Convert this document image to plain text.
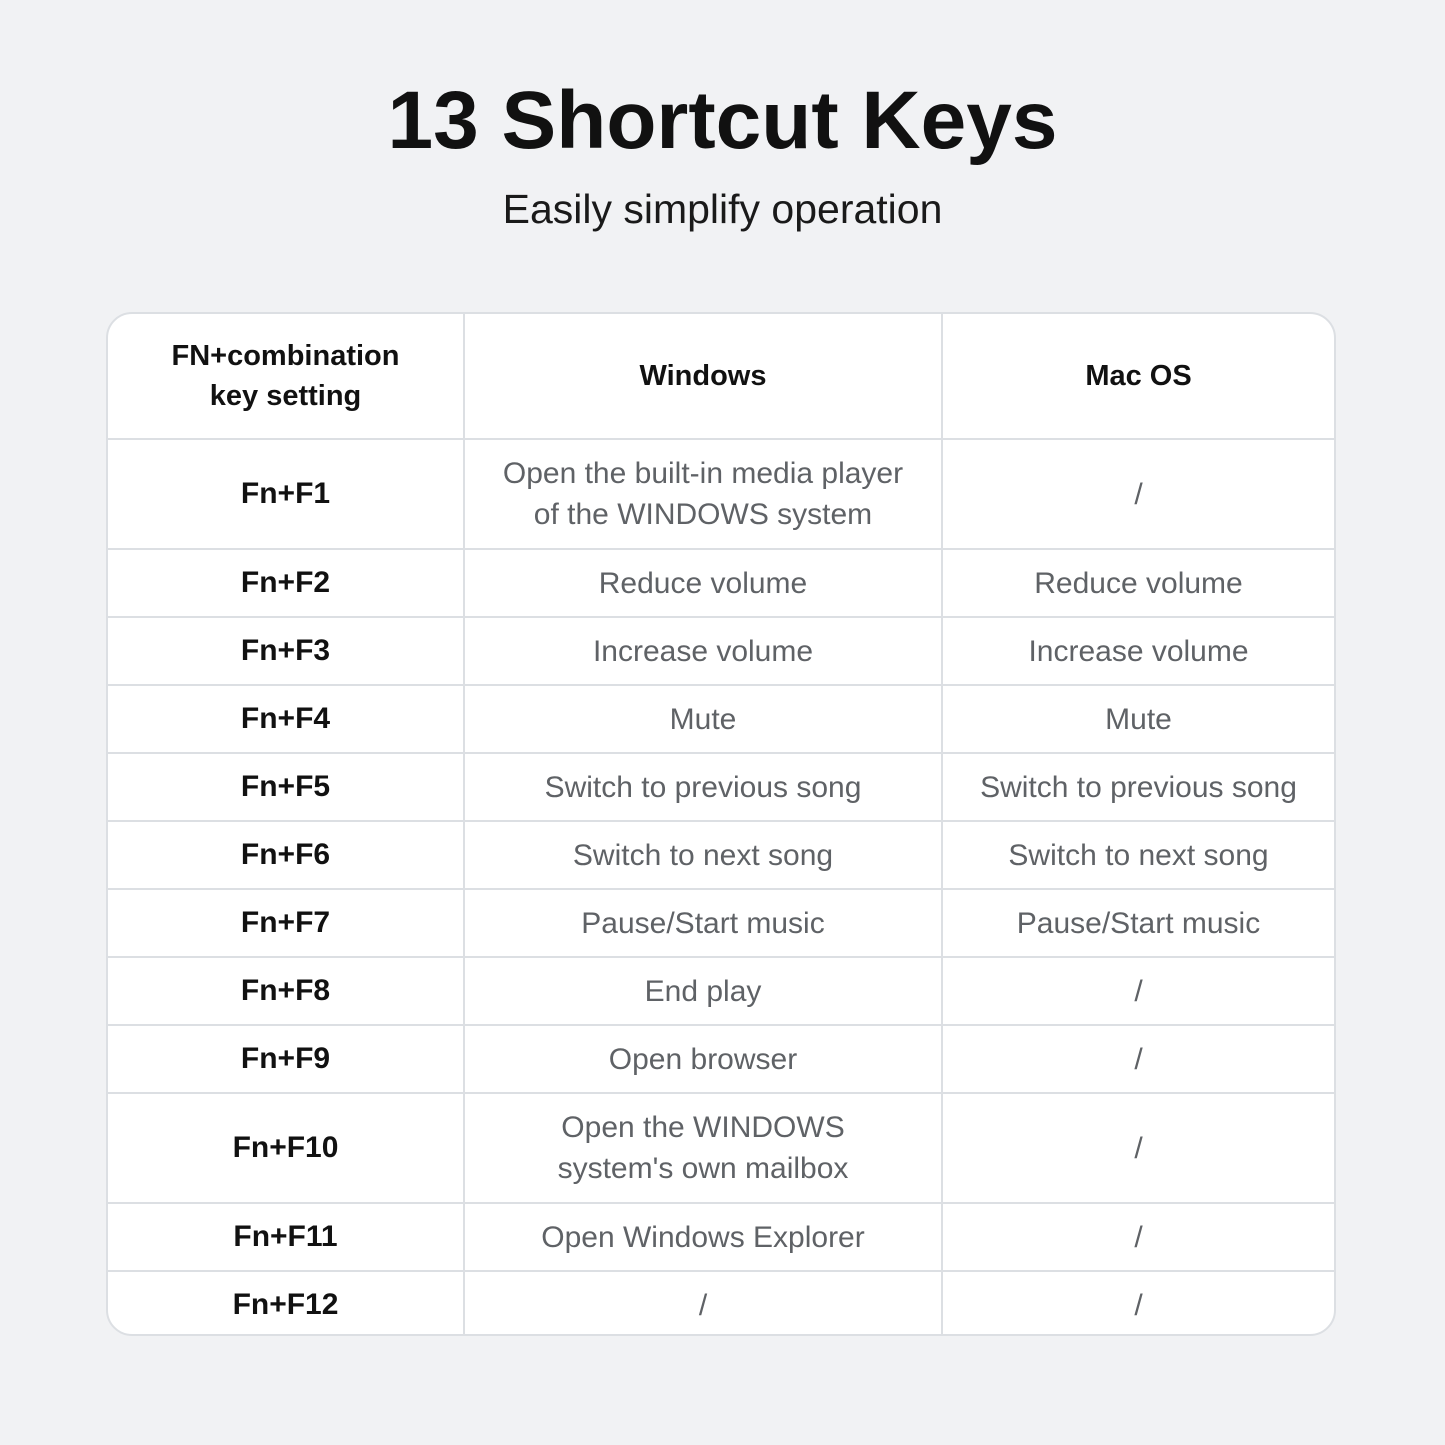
13 Shortcut Keys
Easily simplify operation
FN+combination key setting	Windows	Mac OS
Fn+F1	Open the built-in media player of the WINDOWS system	/
Fn+F2	Reduce volume	Reduce volume
Fn+F3	Increase volume	Increase volume
Fn+F4	Mute	Mute
Fn+F5	Switch to previous song	Switch to previous song
Fn+F6	Switch to next song	Switch to next song
Fn+F7	Pause/Start music	Pause/Start music
Fn+F8	End play	/
Fn+F9	Open browser	/
Fn+F10	Open the WINDOWS system's own mailbox	/
Fn+F11	Open Windows Explorer	/
Fn+F12	/	/
